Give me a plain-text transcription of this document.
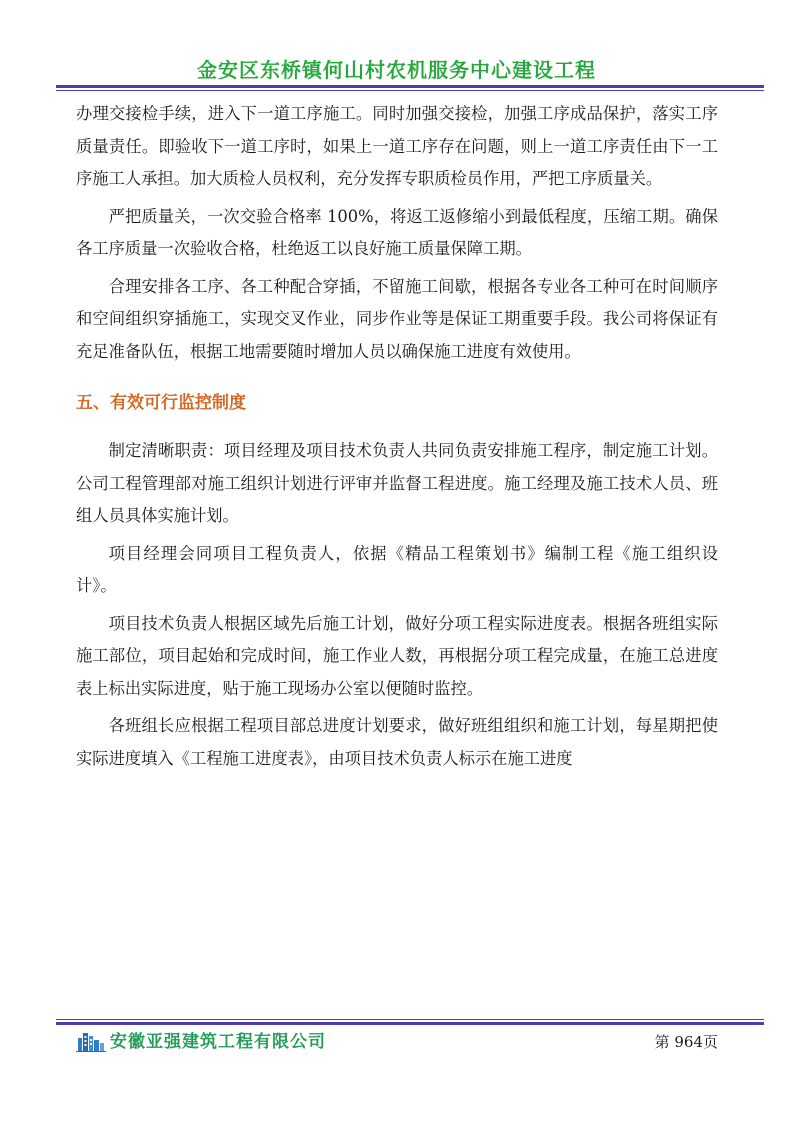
金安区东桥镇何山村农机服务中心建设工程

办理交接检手续，进入下一道工序施工。同时加强交接检，加强工序成品保护，落实工序质量责任。即验收下一道工序时，如果上一道工序存在问题，则上一道工序责任由下一工序施工人承担。加大质检人员权利，充分发挥专职质检员作用，严把工序质量关。

严把质量关，一次交验合格率 100%，将返工返修缩小到最低程度，压缩工期。确保各工序质量一次验收合格，杜绝返工以良好施工质量保障工期。

合理安排各工序、各工种配合穿插，不留施工间歇，根据各专业各工种可在时间顺序和空间组织穿插施工，实现交叉作业，同步作业等是保证工期重要手段。我公司将保证有充足准备队伍，根据工地需要随时增加人员以确保施工进度有效使用。

五、有效可行监控制度

制定清晰职责：项目经理及项目技术负责人共同负责安排施工程序，制定施工计划。公司工程管理部对施工组织计划进行评审并监督工程进度。施工经理及施工技术人员、班组人员具体实施计划。

项目经理会同项目工程负责人，依据《精品工程策划书》编制工程《施工组织设计》。

项目技术负责人根据区域先后施工计划，做好分项工程实际进度表。根据各班组实际施工部位，项目起始和完成时间，施工作业人数，再根据分项工程完成量，在施工总进度表上标出实际进度，贴于施工现场办公室以便随时监控。

各班组长应根据工程项目部总进度计划要求，做好班组组织和施工计划，每星期把使实际进度填入《工程施工进度表》，由项目技术负责人标示在施工进度

安徽亚强建筑工程有限公司	第 964页
